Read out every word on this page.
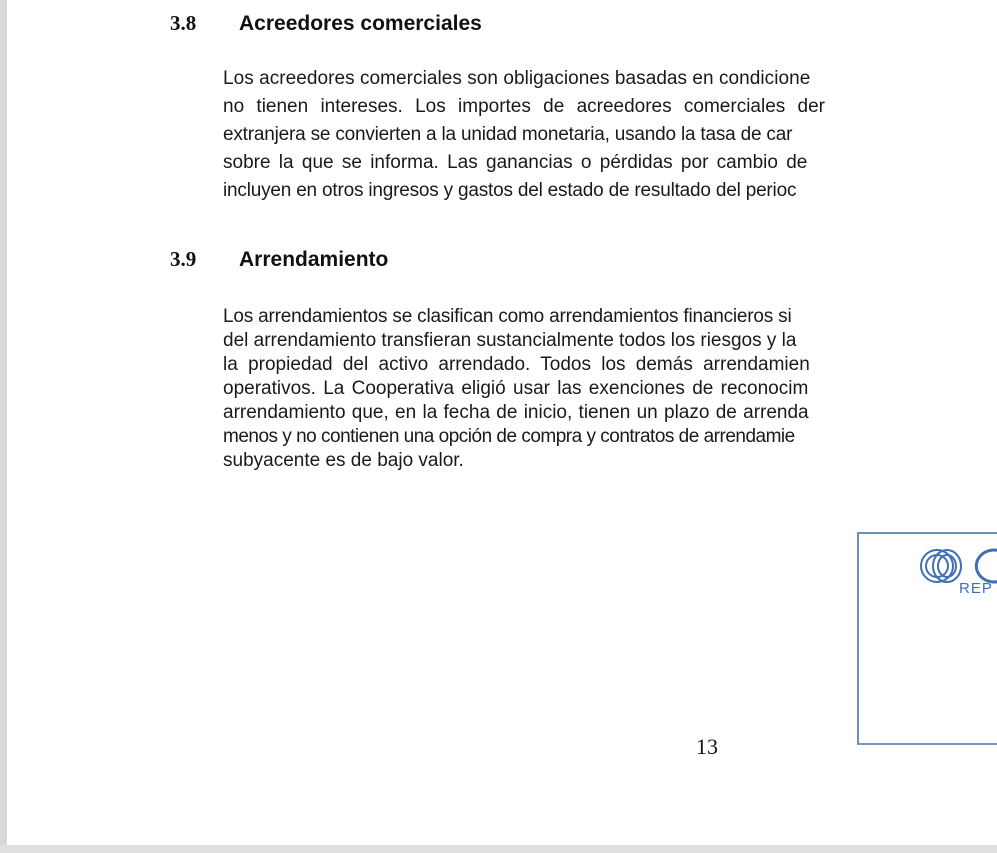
3.8 Acreedores comerciales
Los acreedores comerciales son obligaciones basadas en condicione
no tienen intereses. Los importes de acreedores comerciales der
extranjera se convierten a la unidad monetaria, usando la tasa de car
sobre la que se informa. Las ganancias o pérdidas por cambio de
incluyen en otros ingresos y gastos del estado de resultado del perioc
3.9 Arrendamiento
Los arrendamientos se clasifican como arrendamientos financieros si
del arrendamiento transfieran sustancialmente todos los riesgos y la
la propiedad del activo arrendado. Todos los demás arrendamien
operativos. La Cooperativa eligió usar las exenciones de reconocim
arrendamiento que, en la fecha de inicio, tienen un plazo de arrenda
menos y no contienen una opción de compra y contratos de arrendamie
subyacente es de bajo valor.
REP
13
